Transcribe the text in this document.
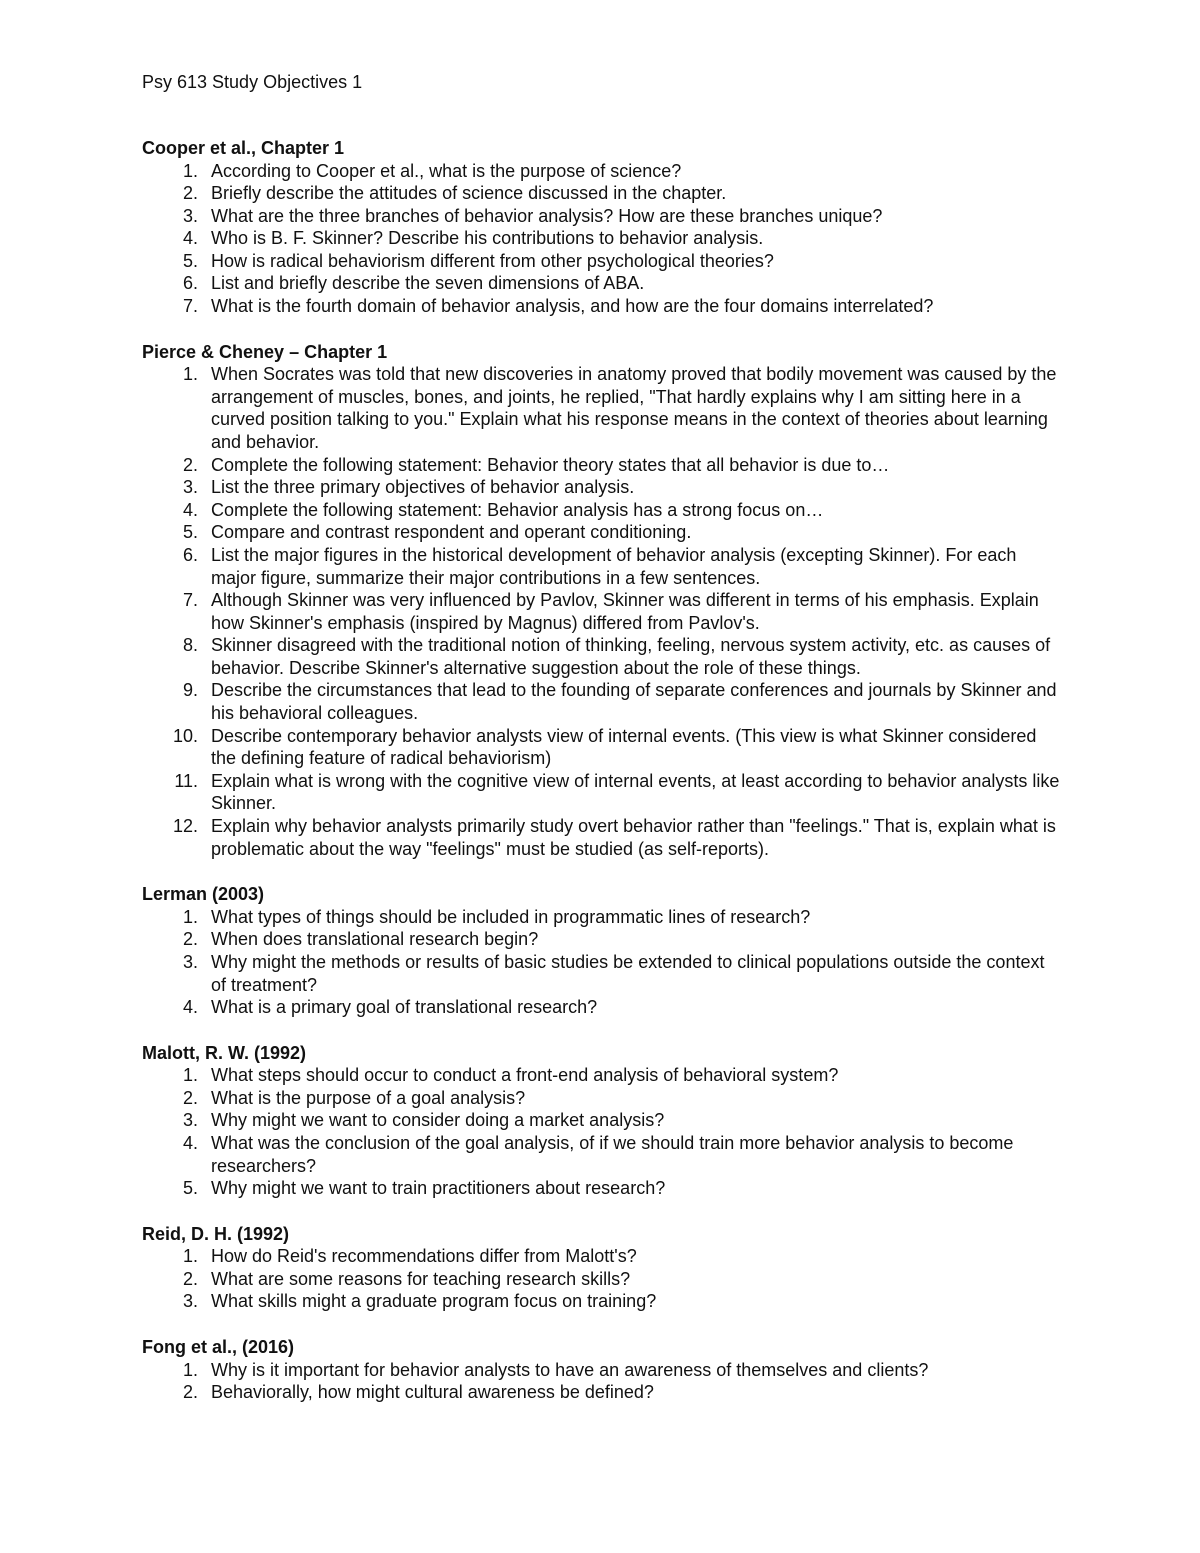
Psy 613 Study Objectives 1
Cooper et al., Chapter 1
1. According to Cooper et al., what is the purpose of science?
2. Briefly describe the attitudes of science discussed in the chapter.
3. What are the three branches of behavior analysis? How are these branches unique?
4. Who is B. F. Skinner? Describe his contributions to behavior analysis.
5. How is radical behaviorism different from other psychological theories?
6. List and briefly describe the seven dimensions of ABA.
7. What is the fourth domain of behavior analysis, and how are the four domains interrelated?
Pierce & Cheney – Chapter 1
1. When Socrates was told that new discoveries in anatomy proved that bodily movement was caused by the arrangement of muscles, bones, and joints, he replied, "That hardly explains why I am sitting here in a curved position talking to you." Explain what his response means in the context of theories about learning and behavior.
2. Complete the following statement: Behavior theory states that all behavior is due to…
3. List the three primary objectives of behavior analysis.
4. Complete the following statement: Behavior analysis has a strong focus on…
5. Compare and contrast respondent and operant conditioning.
6. List the major figures in the historical development of behavior analysis (excepting Skinner). For each major figure, summarize their major contributions in a few sentences.
7. Although Skinner was very influenced by Pavlov, Skinner was different in terms of his emphasis. Explain how Skinner's emphasis (inspired by Magnus) differed from Pavlov's.
8. Skinner disagreed with the traditional notion of thinking, feeling, nervous system activity, etc. as causes of behavior. Describe Skinner's alternative suggestion about the role of these things.
9. Describe the circumstances that lead to the founding of separate conferences and journals by Skinner and his behavioral colleagues.
10. Describe contemporary behavior analysts view of internal events. (This view is what Skinner considered the defining feature of radical behaviorism)
11. Explain what is wrong with the cognitive view of internal events, at least according to behavior analysts like Skinner.
12. Explain why behavior analysts primarily study overt behavior rather than "feelings." That is, explain what is problematic about the way "feelings" must be studied (as self-reports).
Lerman (2003)
1. What types of things should be included in programmatic lines of research?
2. When does translational research begin?
3. Why might the methods or results of basic studies be extended to clinical populations outside the context of treatment?
4. What is a primary goal of translational research?
Malott, R. W. (1992)
1. What steps should occur to conduct a front-end analysis of behavioral system?
2. What is the purpose of a goal analysis?
3. Why might we want to consider doing a market analysis?
4. What was the conclusion of the goal analysis, of if we should train more behavior analysis to become researchers?
5. Why might we want to train practitioners about research?
Reid, D. H. (1992)
1. How do Reid's recommendations differ from Malott's?
2. What are some reasons for teaching research skills?
3. What skills might a graduate program focus on training?
Fong et al., (2016)
1. Why is it important for behavior analysts to have an awareness of themselves and clients?
2. Behaviorally, how might cultural awareness be defined?
